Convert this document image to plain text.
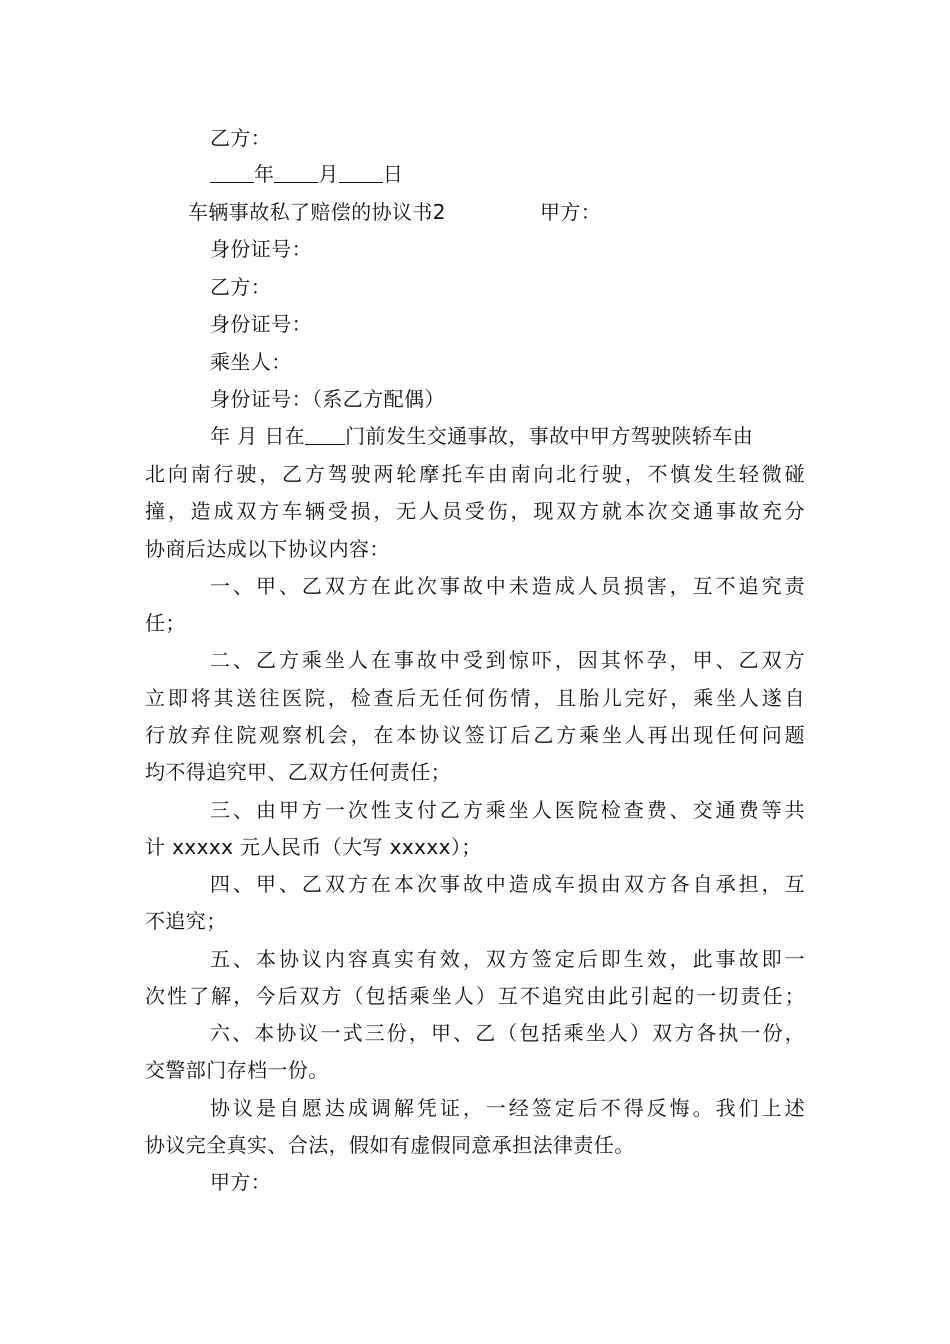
乙方：

年 月 日

车辆事故私了赔偿的协议书2	甲方：

身份证号：

乙方：

身份证号：

乘坐人：

身份证号：（系乙方配偶）

年 月 日在 门前发生交通事故，事故中甲方驾驶陕轿车由

北向南行驶，乙方驾驶两轮摩托车由南向北行驶，不慎发生轻微碰

撞，造成双方车辆受损，无人员受伤，现双方就本次交通事故充分

协商后达成以下协议内容：

一、甲、乙双方在此次事故中未造成人员损害，互不追究责

任；

二、乙方乘坐人在事故中受到惊吓，因其怀孕，甲、乙双方

立即将其送往医院，检查后无任何伤情，且胎儿完好，乘坐人遂自

行放弃住院观察机会，在本协议签订后乙方乘坐人再出现任何问题

均不得追究甲、乙双方任何责任；

三、由甲方一次性支付乙方乘坐人医院检查费、交通费等共

计 xxxxx 元人民币（大写 xxxxx）；

四、甲、乙双方在本次事故中造成车损由双方各自承担，互

不追究；

五、本协议内容真实有效，双方签定后即生效，此事故即一

次性了解，今后双方（包括乘坐人）互不追究由此引起的一切责任；

六、本协议一式三份，甲、乙（包括乘坐人）双方各执一份，

交警部门存档一份。

协议是自愿达成调解凭证，一经签定后不得反悔。我们上述

协议完全真实、合法，假如有虚假同意承担法律责任。

甲方：
